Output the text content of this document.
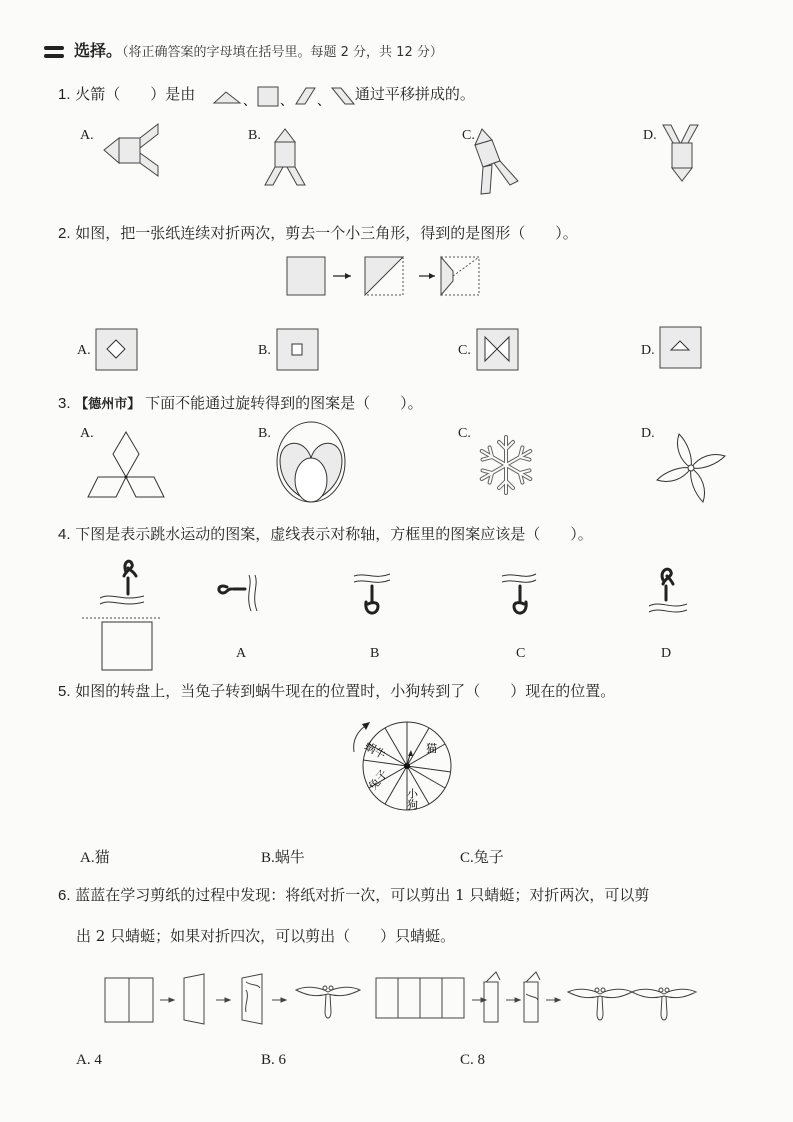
选择。（将正确答案的字母填在括号里。每题 2 分，共 12 分）
1. 火箭（　　）是由	通过平移拼成的。
、 、 、
A.	B.	C.	D.
2. 如图，把一张纸连续对折两次，剪去一个小三角形，得到的是图形（　　）。
A.	B.	C.	D.
3. 【德州市】 下面不能通过旋转得到的图案是（　　）。
A.	B.	C.	D.
4. 下图是表示跳水运动的图案，虚线表示对称轴，方框里的图案应该是（　　）。
A	B	C	D
5. 如图的转盘上，当兔子转到蜗牛现在的位置时，小狗转到了（　　）现在的位置。
蜗牛	猫
兔子
小狗
A.猫	B.蜗牛	C.兔子
6. 蓝蓝在学习剪纸的过程中发现：将纸对折一次，可以剪出 1 只蜻蜓；对折两次，可以剪
出 2 只蜻蜓；如果对折四次，可以剪出（　　）只蜻蜓。
A. 4	B. 6	C. 8
